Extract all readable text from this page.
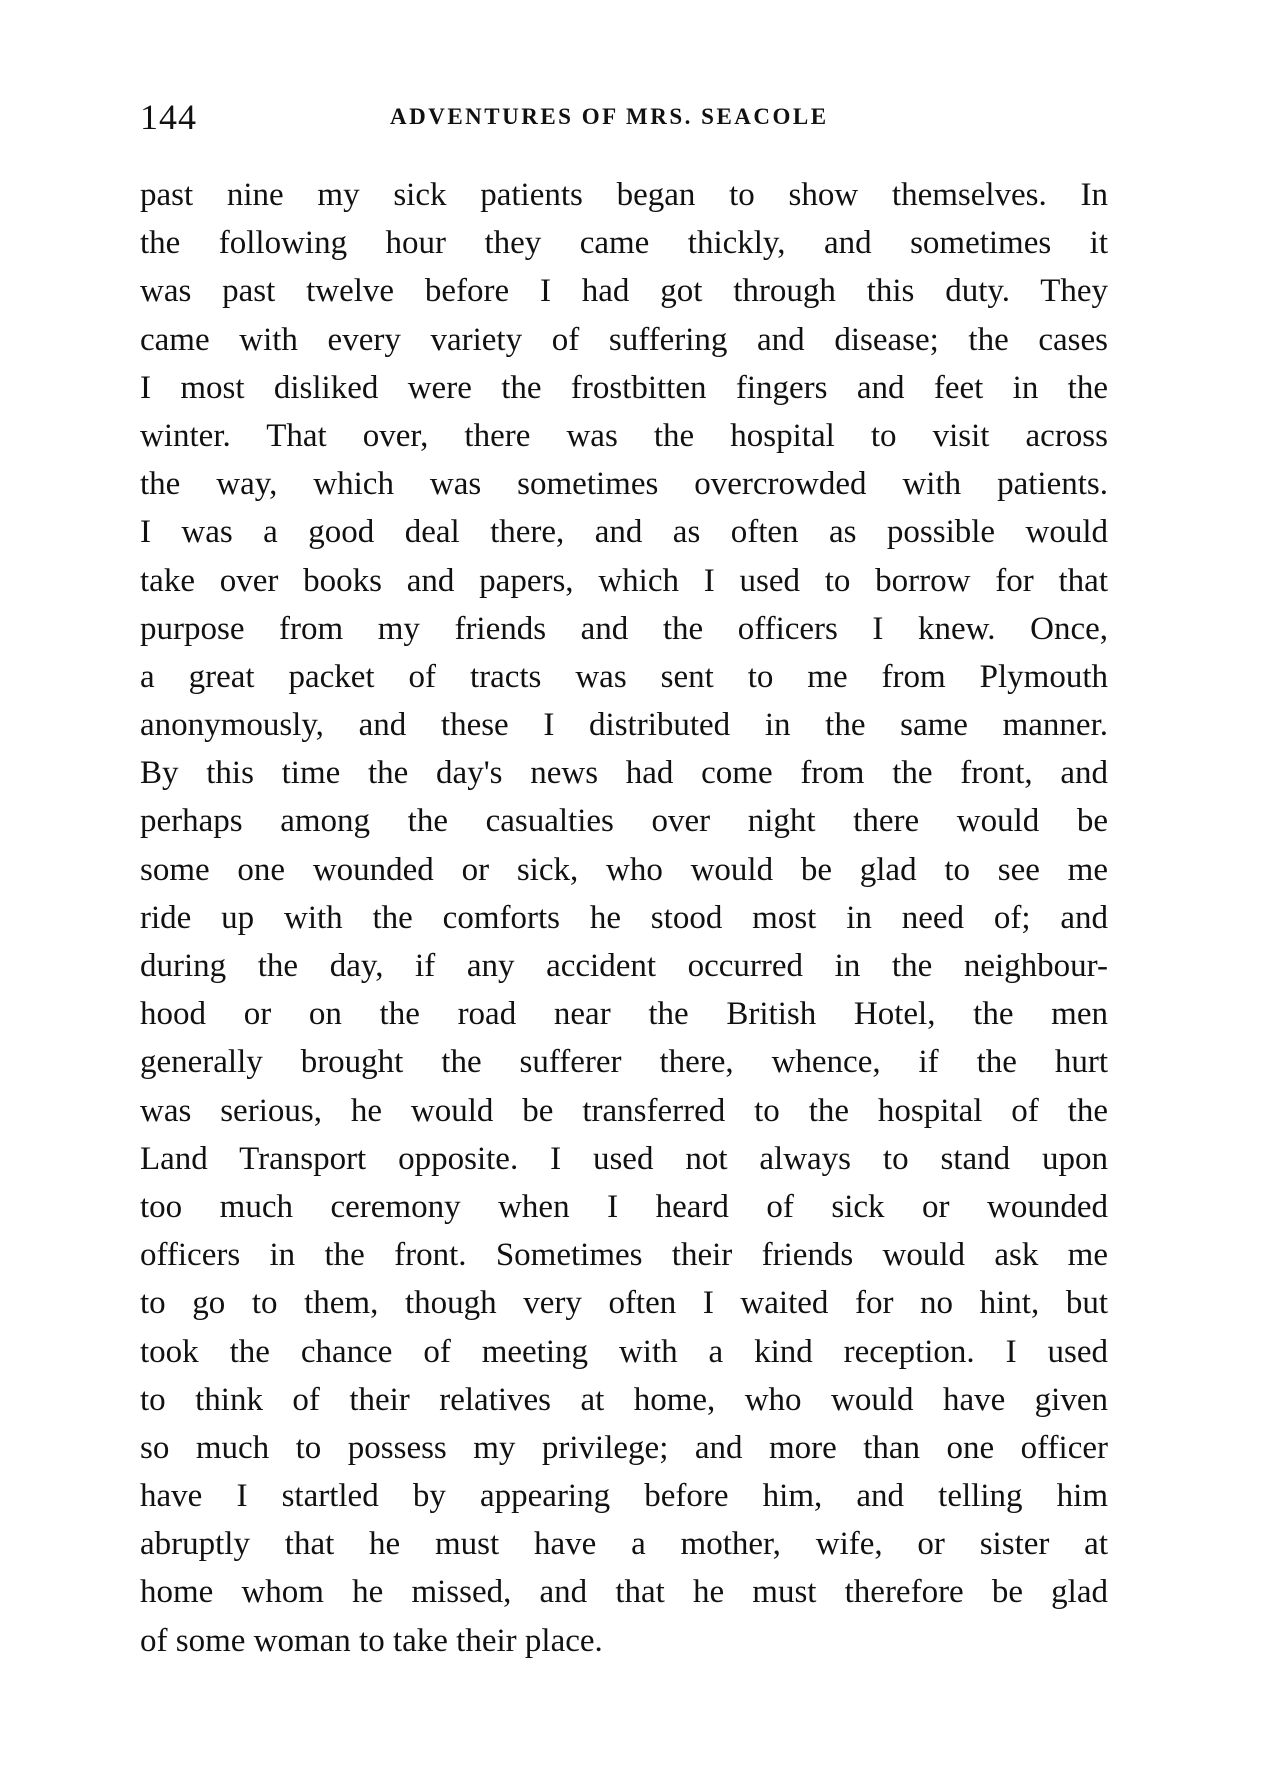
144	ADVENTURES OF MRS. SEACOLE
past nine my sick patients began to show themselves. In
the following hour they came thickly, and sometimes it
was past twelve before I had got through this duty. They
came with every variety of suffering and disease; the cases
I most disliked were the frostbitten fingers and feet in the
winter. That over, there was the hospital to visit across
the way, which was sometimes overcrowded with patients.
I was a good deal there, and as often as possible would
take over books and papers, which I used to borrow for that
purpose from my friends and the officers I knew. Once,
a great packet of tracts was sent to me from Plymouth
anonymously, and these I distributed in the same manner.
By this time the day's news had come from the front, and
perhaps among the casualties over night there would be
some one wounded or sick, who would be glad to see me
ride up with the comforts he stood most in need of; and
during the day, if any accident occurred in the neighbour-
hood or on the road near the British Hotel, the men
generally brought the sufferer there, whence, if the hurt
was serious, he would be transferred to the hospital of the
Land Transport opposite. I used not always to stand upon
too much ceremony when I heard of sick or wounded
officers in the front. Sometimes their friends would ask me
to go to them, though very often I waited for no hint, but
took the chance of meeting with a kind reception. I used
to think of their relatives at home, who would have given
so much to possess my privilege; and more than one officer
have I startled by appearing before him, and telling him
abruptly that he must have a mother, wife, or sister at
home whom he missed, and that he must therefore be glad
of some woman to take their place.
